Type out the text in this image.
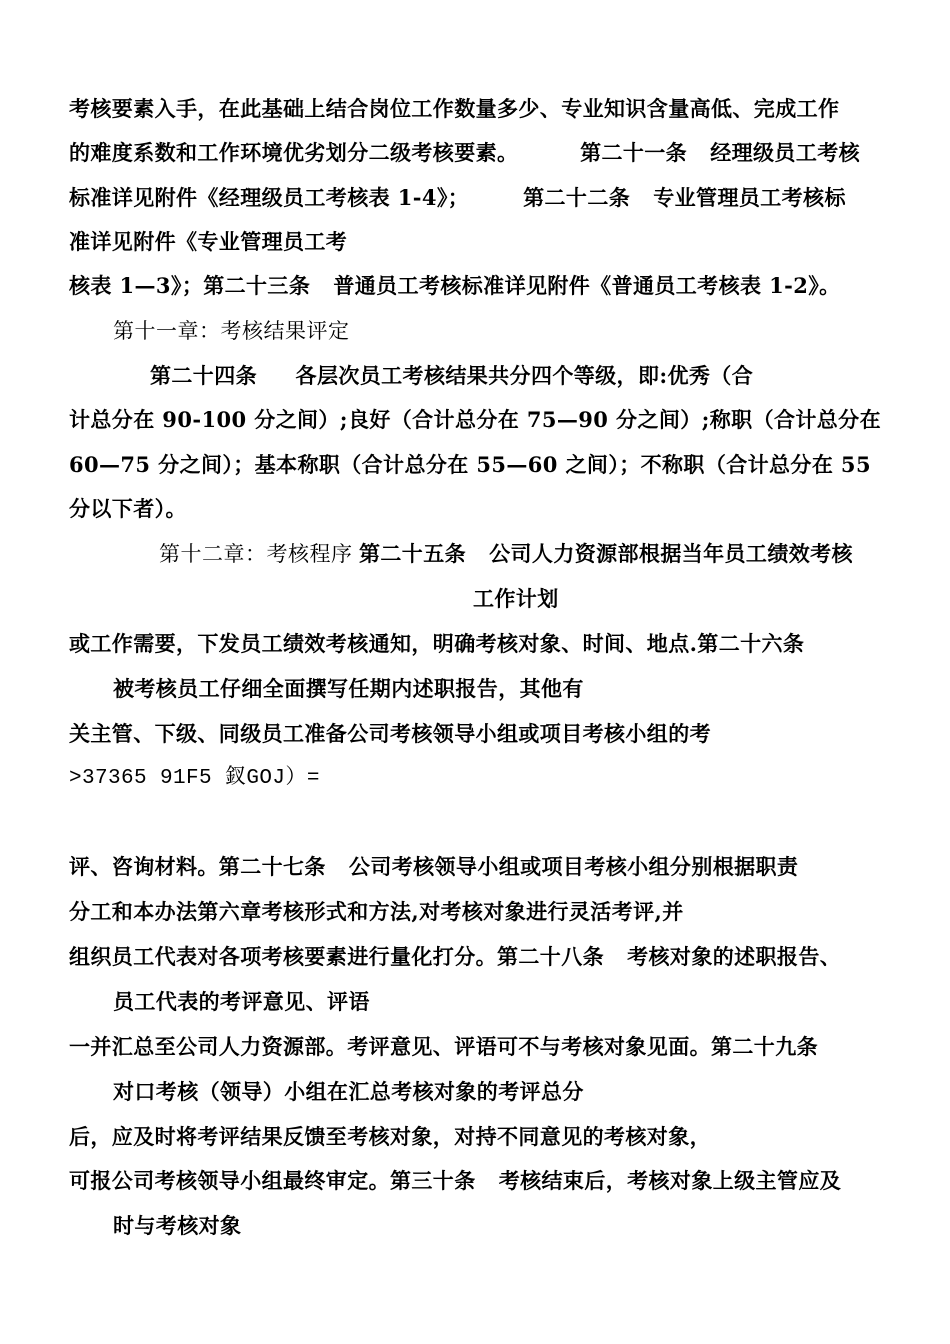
考核要素入手，在此基础上结合岗位工作数量多少、专业知识含量高低、完成工作
的难度系数和工作环境优劣划分二级考核要素。        第二十一条   经理级员工考核
标准详见附件《经理级员工考核表 1-4》；       第二十二条   专业管理员工考核标
准详见附件《专业管理员工考
核表 1—3》；第二十三条   普通员工考核标准详见附件《普通员工考核表 1-2》。
第十一章：考核结果评定
第二十四条     各层次员工考核结果共分四个等级，即:优秀（合
计总分在 90-100 分之间）;良好（合计总分在 75—90 分之间）;称职（合计总分在
60—75 分之间）；基本称职（合计总分在 55—60 之间）；不称职（合计总分在 55
分以下者）。
第十二章：考核程序 第二十五条   公司人力资源部根据当年员工绩效考核
工作计划
或工作需要，下发员工绩效考核通知，明确考核对象、时间、地点.第二十六条
被考核员工仔细全面撰写任期内述职报告，其他有
关主管、下级、同级员工准备公司考核领导小组或项目考核小组的考
>37365 91F5 釵GOJ）=
评、咨询材料。第二十七条   公司考核领导小组或项目考核小组分别根据职责
分工和本办法第六章考核形式和方法,对考核对象进行灵活考评,并
组织员工代表对各项考核要素进行量化打分。第二十八条   考核对象的述职报告、
员工代表的考评意见、评语
一并汇总至公司人力资源部。考评意见、评语可不与考核对象见面。第二十九条
对口考核（领导）小组在汇总考核对象的考评总分
后，应及时将考评结果反馈至考核对象，对持不同意见的考核对象，
可报公司考核领导小组最终审定。第三十条   考核结束后，考核对象上级主管应及
时与考核对象
